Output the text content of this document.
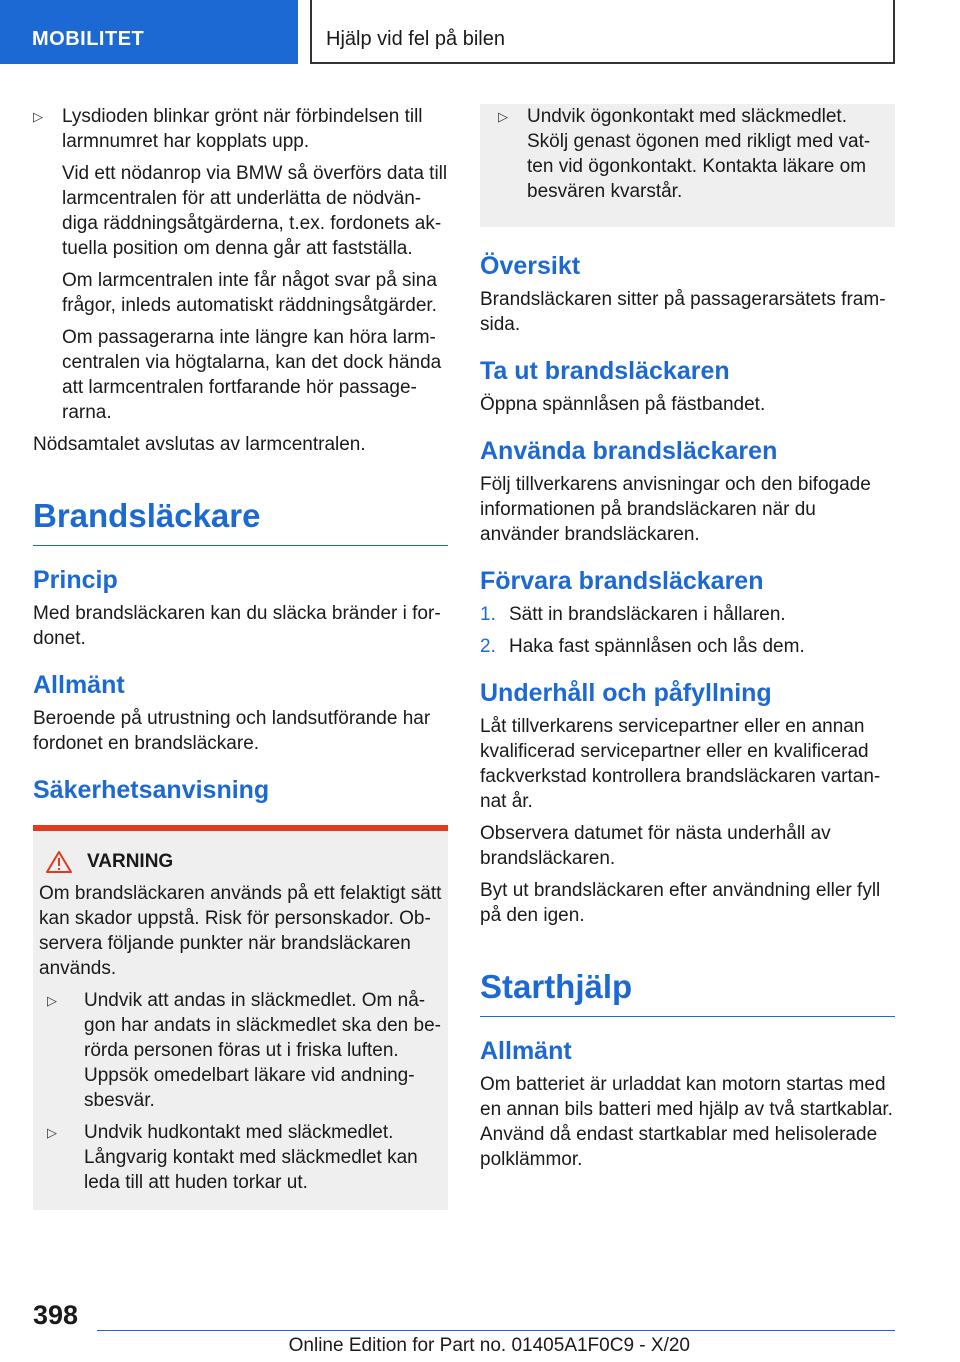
MOBILITET	Hjälp vid fel på bilen
▷ Lysdioden blinkar grönt när förbindelsen till larmnumret har kopplats upp.

Vid ett nödanrop via BMW så överförs data till larmcentralen för att underlätta de nödvändiga räddningsåtgärderna, t.ex. fordonets aktuella position om denna går att fastställa.

Om larmcentralen inte får något svar på sina frågor, inleds automatiskt räddningsåtgärder.

Om passagerarna inte längre kan höra larmcentralen via högtalarna, kan det dock hända att larmcentralen fortfarande hör passagerarna.

Nödsamtalet avslutas av larmcentralen.

Brandsläckare
Princip

Med brandsläckaren kan du släcka bränder i fordonet.

Allmänt

Beroende på utrustning och landsutförande har fordonet en brandsläckare.

Säkerhetsanvisning
VARNING

Om brandsläckaren används på ett felaktigt sätt kan skador uppstå. Risk för personskador. Observera följande punkter när brandsläckaren används.

▷ Undvik att andas in släckmedlet. Om någon har andats in släckmedlet ska den berörda personen föras ut i friska luften. Uppsök omedelbart läkare vid andningsbesvär.
▷ Undvik hudkontakt med släckmedlet. Långvarig kontakt med släckmedlet kan leda till att huden torkar ut.
▷ Undvik ögonkontakt med släckmedlet. Skölj genast ögonen med rikligt med vatten vid ögonkontakt. Kontakta läkare om besvären kvarstår.
Översikt

Brandsläckaren sitter på passagerarsätets framsida.

Ta ut brandsläckaren

Öppna spännlåsen på fästbandet.

Använda brandsläckaren

Följ tillverkarens anvisningar och den bifogade informationen på brandsläckaren när du använder brandsläckaren.

Förvara brandsläckaren
1. Sätt in brandsläckaren i hållaren.
2. Haka fast spännlåsen och lås dem.
Underhåll och påfyllning

Låt tillverkarens servicepartner eller en annan kvalificerad servicepartner eller en kvalificerad fackverkstad kontrollera brandsläckaren vartannat år.

Observera datumet för nästa underhåll av brandsläckaren.

Byt ut brandsläckaren efter användning eller fyll på den igen.

Starthjälp
Allmänt

Om batteriet är urladdat kan motorn startas med en annan bils batteri med hjälp av två startkablar. Använd då endast startkablar med helisolerade polklämmor.

398
Online Edition for Part no. 01405A1F0C9 - X/20
